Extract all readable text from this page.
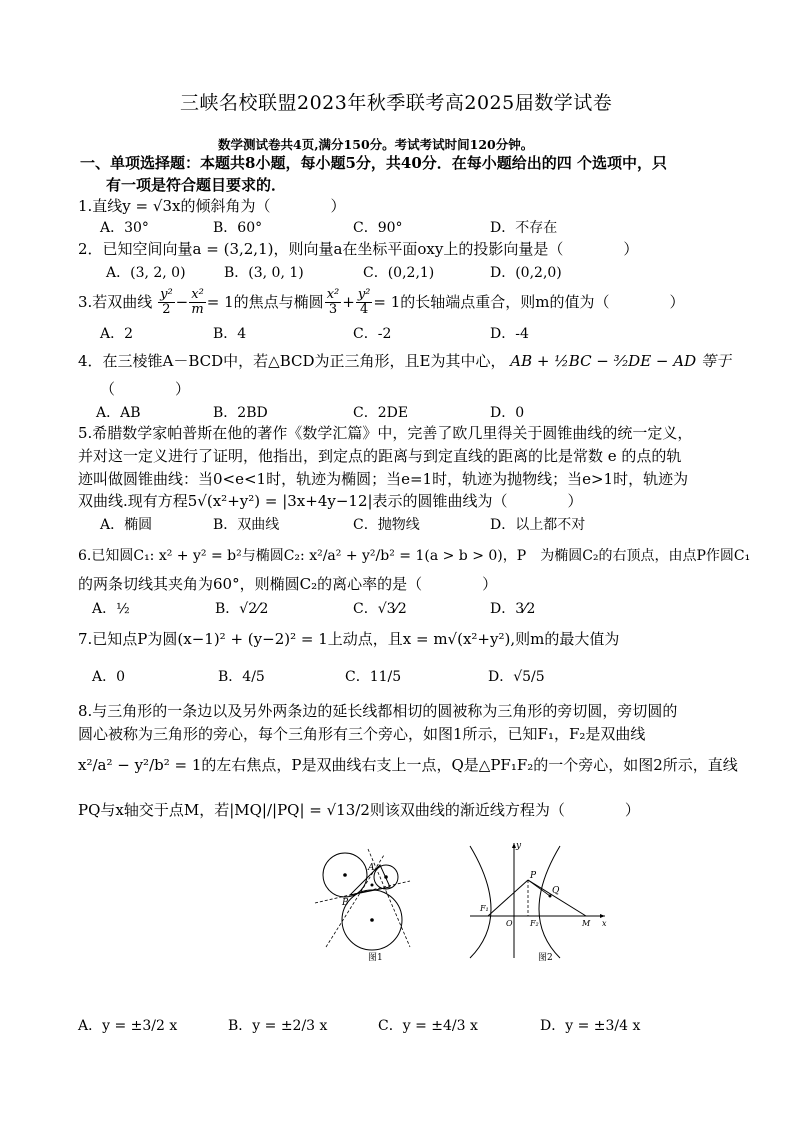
三峡名校联盟2023年秋季联考高2025届数学试卷
数学测试卷共4页,满分150分。考试考试时间120分钟。
一、单项选择题：本题共8小题，每小题5分，共40分．在每小题给出的四 个选项中，只
有一项是符合题目要求的．
1.直线y = √3x的倾斜角为（　　　　）
A．30°	B．60°	C．90°	D．不存在
2．已知空间向量a = (3,2,1)，则向量a在坐标平面oxy上的投影向量是（　　　　）
A．(3, 2, 0)	B．(3, 0, 1)	C．(0,2,1)	D．(0,2,0)
3.若双曲线 $\frac{\text{y²}}{2} - \frac{\text{x²}}{m} = 1$的焦点与椭圆 $\frac{\text{x²}}{3} + \frac{\text{y²}}{4} = 1$的长轴端点重合，则m的值为（　　　　）
A．2	B．4	C．-2	D．-4
4．在三棱锥A－BCD中，若△BCD为正三角形，且E为其中心， AB + ½BC − ³⁄₂DE − AD 等于
（　　　　）
A．AB	B．2BD	C．2DE	D．0
5.希腊数学家帕普斯在他的著作《数学汇篇》中，完善了欧几里得关于圆锥曲线的统一定义，
并对这一定义进行了证明，他指出，到定点的距离与到定直线的距离的比是常数 e 的点的轨
迹叫做圆锥曲线：当0<e<1时，轨迹为椭圆；当e=1时，轨迹为抛物线；当e>1时，轨迹为
双曲线.现有方程5√(x²+y²) = |3x+4y−12|表示的圆锥曲线为（　　　　）
A．椭圆	B．双曲线	C．抛物线	D．以上都不对
6.已知圆C₁: x² + y² = b²与椭圆C₂: x²/a² + y²/b² = 1(a > b > 0)，P　为椭圆C₂的右顶点，由点P作圆C₁
的两条切线其夹角为60°，则椭圆C₂的离心率的是（　　　　）
A．½	B．√2⁄2	C．√3⁄2	D．3⁄2
7.已知点P为圆(x−1)² + (y−2)² = 1上动点，且x = m√(x²+y²),则m的最大值为
A．0	B．4/5	C．11/5	D．√5/5
8.与三角形的一条边以及另外两条边的延长线都相切的圆被称为三角形的旁切圆，旁切圆的
圆心被称为三角形的旁心，每个三角形有三个旁心，如图1所示，已知F₁，F₂是双曲线
x²/a² − y²/b² = 1的左右焦点，P是双曲线右支上一点，Q是△PF₁F₂的一个旁心，如图2所示，直线
PQ与x轴交于点M，若|MQ|/|PQ| = √13/2则该双曲线的渐近线方程为（　　　　）
A
B
图1
y
P
Q
F₁
O F₂	M x
图2
A．y = ±3/2 x	B．y = ±2/3 x	C．y = ±4/3 x	D．y = ±3/4 x
